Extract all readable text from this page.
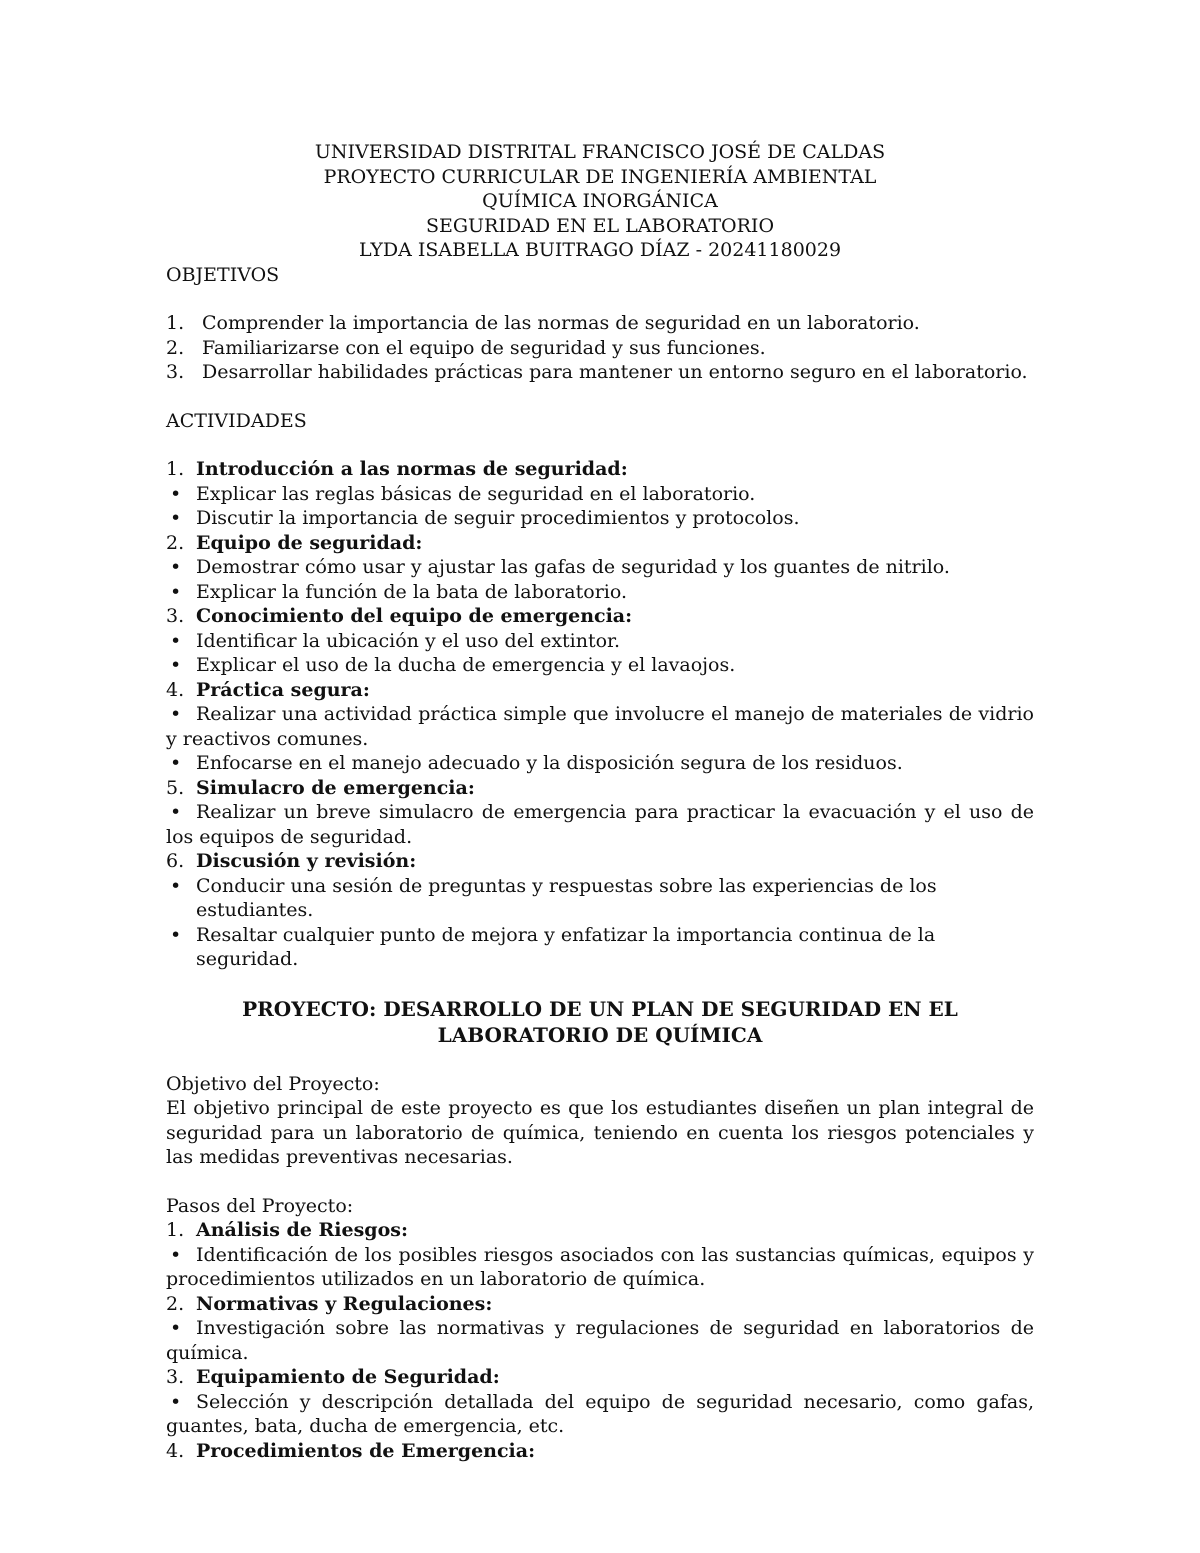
UNIVERSIDAD DISTRITAL FRANCISCO JOSÉ DE CALDAS
PROYECTO CURRICULAR DE INGENIERÍA AMBIENTAL
QUÍMICA INORGÁNICA
SEGURIDAD EN EL LABORATORIO
LYDA ISABELLA BUITRAGO DÍAZ - 20241180029
OBJETIVOS
1. Comprender la importancia de las normas de seguridad en un laboratorio.
2. Familiarizarse con el equipo de seguridad y sus funciones.
3. Desarrollar habilidades prácticas para mantener un entorno seguro en el laboratorio.
ACTIVIDADES
1. Introducción a las normas de seguridad:
• Explicar las reglas básicas de seguridad en el laboratorio.
• Discutir la importancia de seguir procedimientos y protocolos.
2. Equipo de seguridad:
• Demostrar cómo usar y ajustar las gafas de seguridad y los guantes de nitrilo.
• Explicar la función de la bata de laboratorio.
3. Conocimiento del equipo de emergencia:
• Identificar la ubicación y el uso del extintor.
• Explicar el uso de la ducha de emergencia y el lavaojos.
4. Práctica segura:
• Realizar una actividad práctica simple que involucre el manejo de materiales de vidrio y reactivos comunes.
• Enfocarse en el manejo adecuado y la disposición segura de los residuos.
5. Simulacro de emergencia:
• Realizar un breve simulacro de emergencia para practicar la evacuación y el uso de los equipos de seguridad.
6. Discusión y revisión:
• Conducir una sesión de preguntas y respuestas sobre las experiencias de los estudiantes.
• Resaltar cualquier punto de mejora y enfatizar la importancia continua de la seguridad.
PROYECTO: DESARROLLO DE UN PLAN DE SEGURIDAD EN EL
LABORATORIO DE QUÍMICA
Objetivo del Proyecto:
El objetivo principal de este proyecto es que los estudiantes diseñen un plan integral de seguridad para un laboratorio de química, teniendo en cuenta los riesgos potenciales y las medidas preventivas necesarias.
Pasos del Proyecto:
1. Análisis de Riesgos:
• Identificación de los posibles riesgos asociados con las sustancias químicas, equipos y procedimientos utilizados en un laboratorio de química.
2. Normativas y Regulaciones:
• Investigación sobre las normativas y regulaciones de seguridad en laboratorios de química.
3. Equipamiento de Seguridad:
• Selección y descripción detallada del equipo de seguridad necesario, como gafas, guantes, bata, ducha de emergencia, etc.
4. Procedimientos de Emergencia:
